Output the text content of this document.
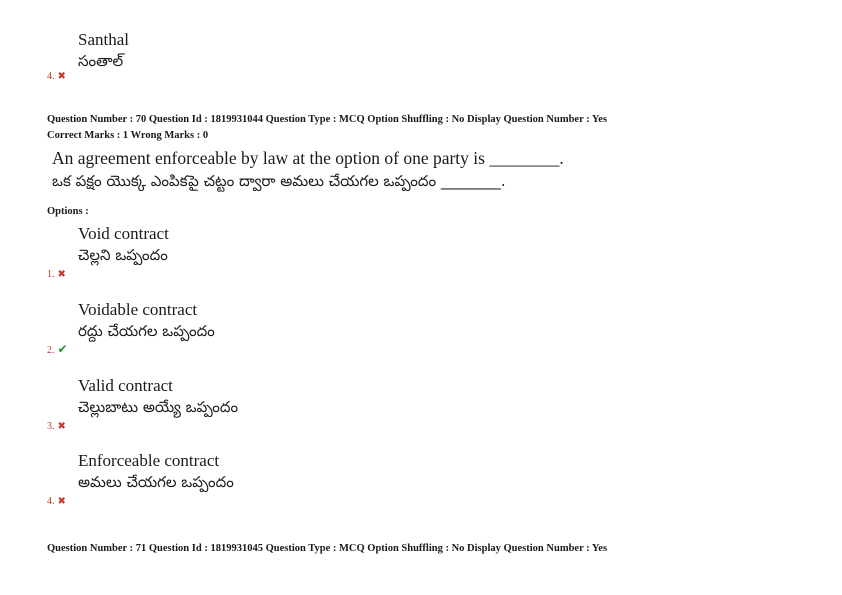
Santhal
సంతాల్
4. ✖
Question Number : 70 Question Id : 1819931044 Question Type : MCQ Option Shuffling : No Display Question Number : Yes
Correct Marks : 1 Wrong Marks : 0
An agreement enforceable by law at the option of one party is ________.
ఒక పక్షం యొక్క ఎంపికపై చట్టం ద్వారా అమలు చేయగల ఒప్పందం ________.
Options :
Void contract
చెల్లని ఒప్పందం
1. ✖
Voidable contract
రద్దు చేయగల ఒప్పందం
2. ✔
Valid contract
చెల్లుబాటు అయ్యే ఒప్పందం
3. ✖
Enforceable contract
అమలు చేయగల ఒప్పందం
4. ✖
Question Number : 71 Question Id : 1819931045 Question Type : MCQ Option Shuffling : No Display Question Number : Yes
